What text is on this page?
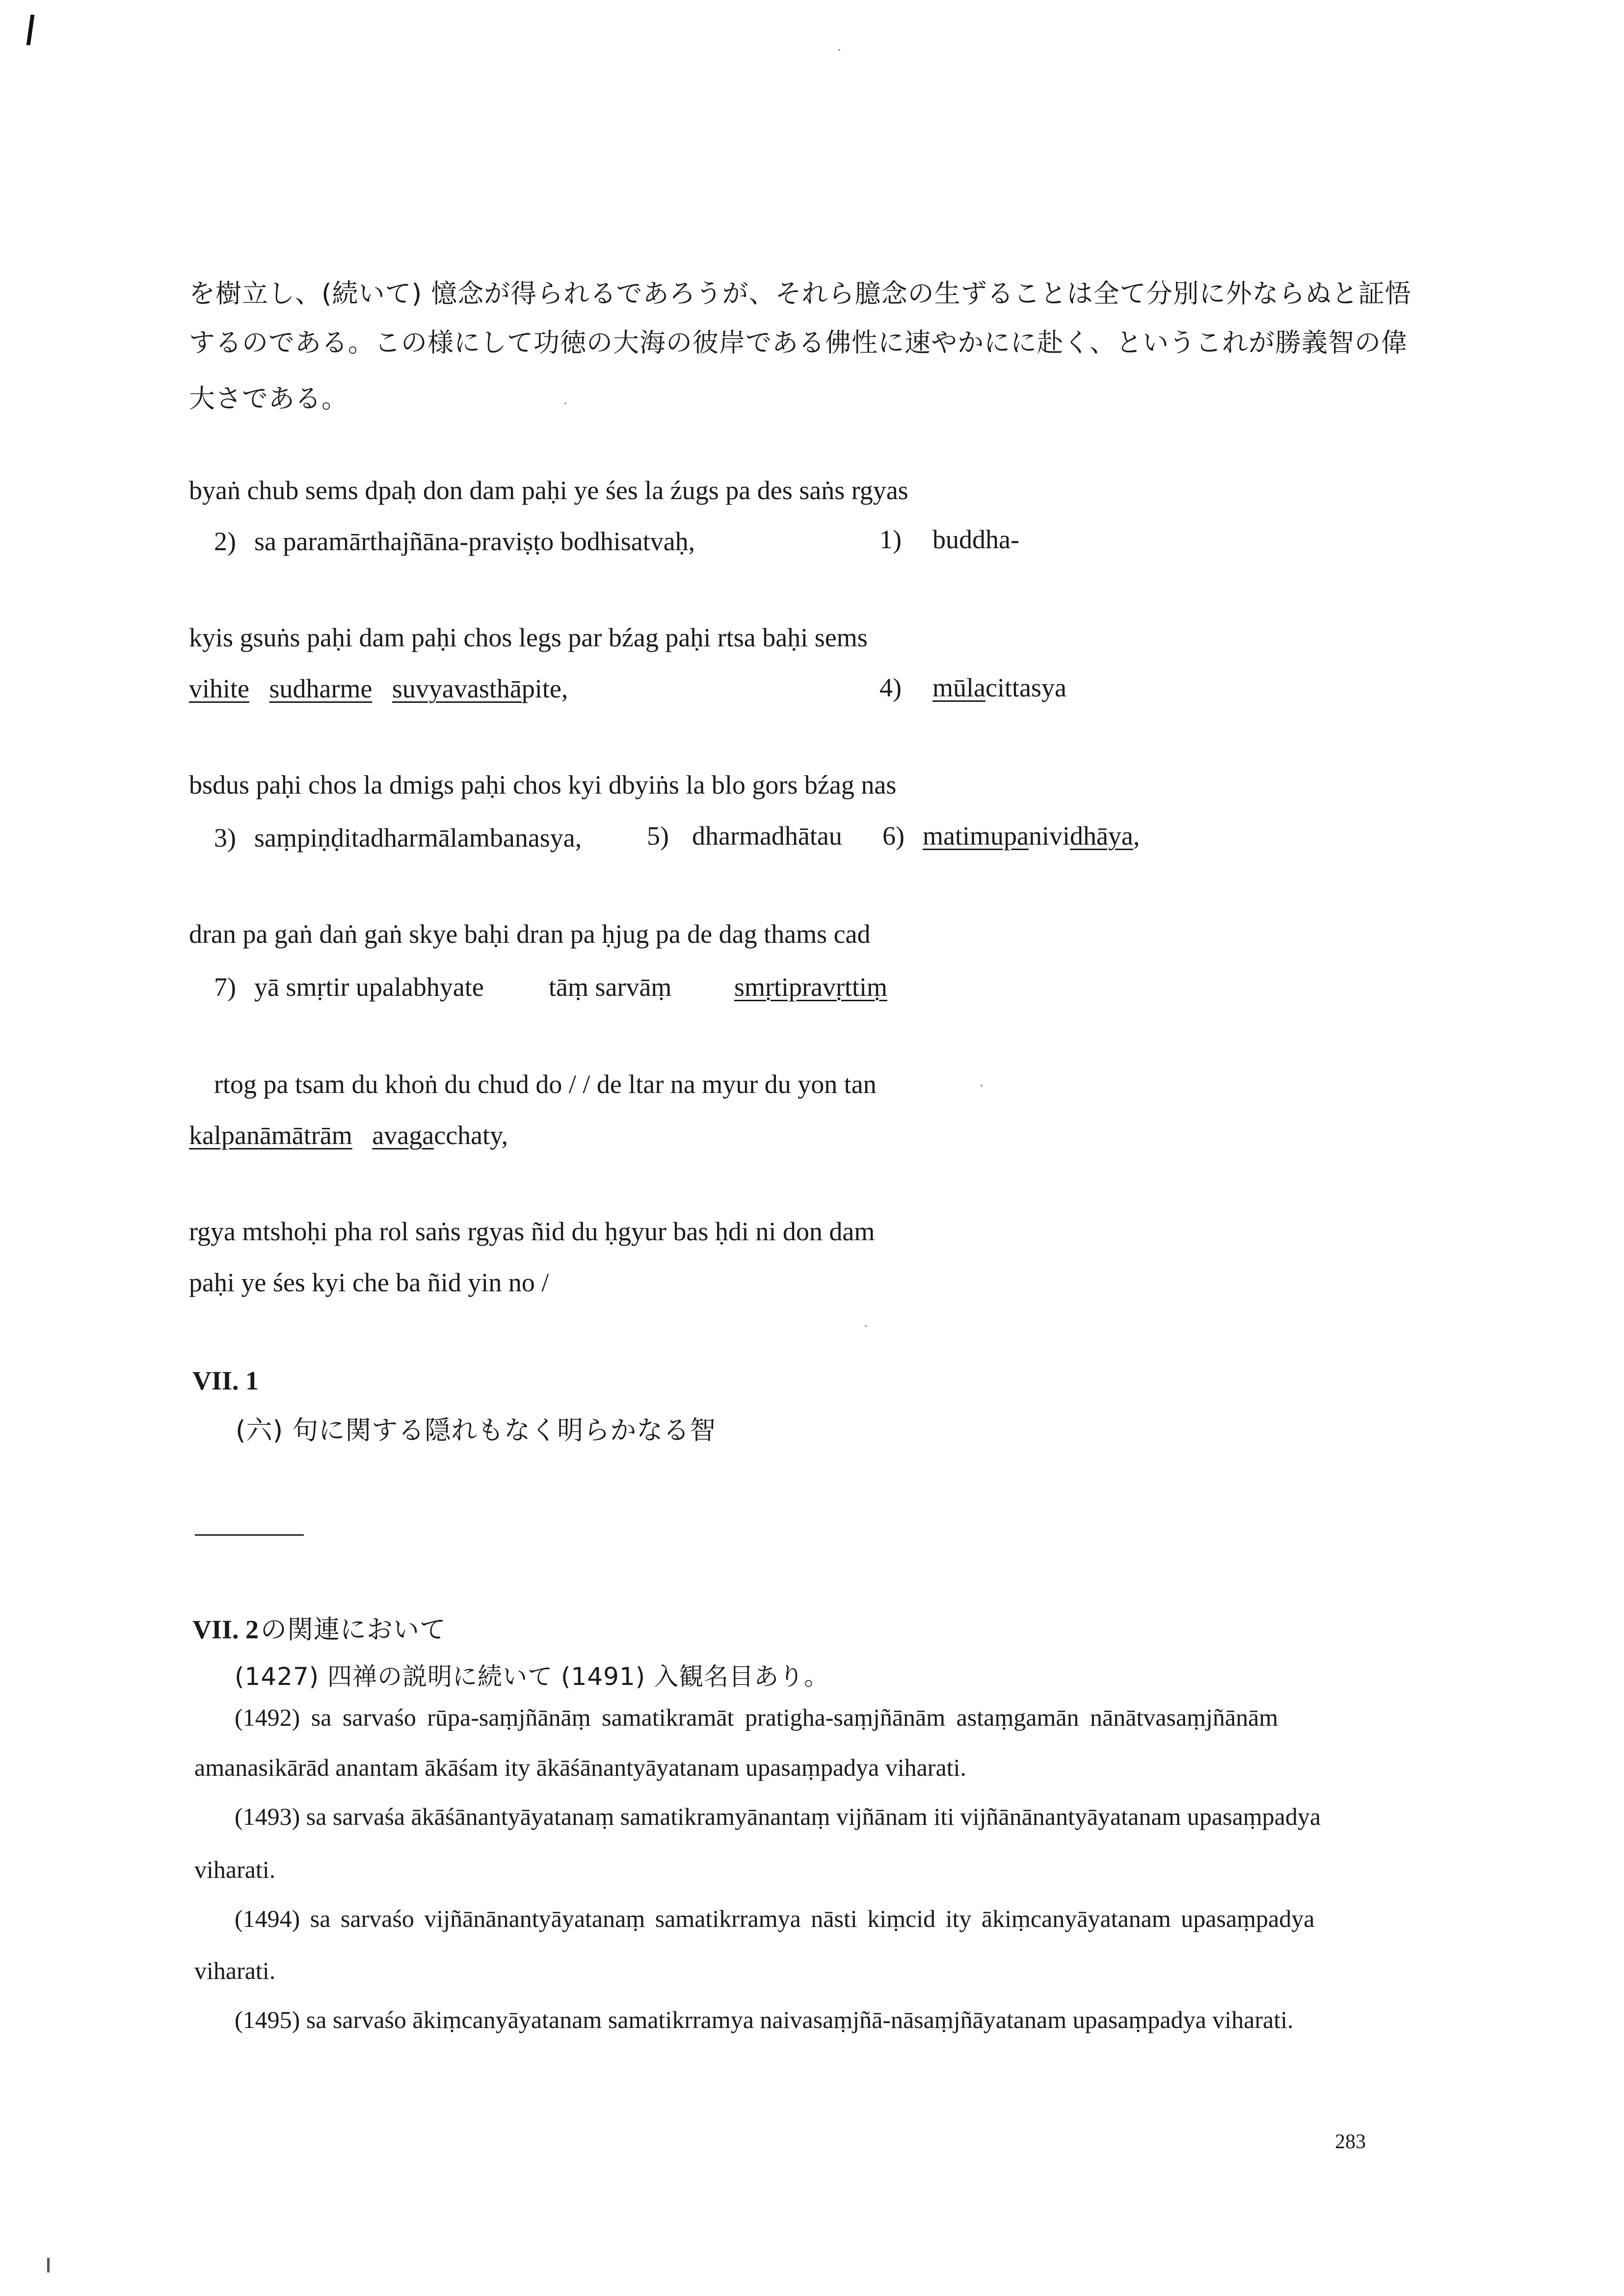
を樹立し、(続いて) 憶念が得られるであろうが、それら臆念の生ずることは全て分別に外ならぬと証悟
するのである。この様にして功徳の大海の彼岸である佛性に速やかにに赴く、というこれが勝義智の偉
大さである。
byaṅ chub sems dpaḥ don dam paḥi ye śes la źugs pa des saṅs rgyas
2) sa paramārthajñāna-praviṣṭo bodhisatvaḥ,	1) buddha-
kyis gsuṅs paḥi dam paḥi chos legs par bźag paḥi rtsa baḥi sems
vihite sudharme suvyavasthāpite,	4) mūlacittasya
bsdus paḥi chos la dmigs paḥi chos kyi dbyiṅs la blo gors bźag nas
3) saṃpiṇḍitadharmālambanasya, 5) dharmadhātau 6) matimupanividhāya,
dran pa gaṅ daṅ gaṅ skye baḥi dran pa ḥjug pa de dag thams cad
7) yā smṛtir upalabhyate tāṃ sarvāṃ smṛtipravṛttiṃ
rtog pa tsam du khoṅ du chud do / / de ltar na myur du yon tan
kalpanāmātrām avagacchaty,
rgya mtshoḥi pha rol saṅs rgyas ñid du ḥgyur bas ḥdi ni don dam
paḥi ye śes kyi che ba ñid yin no /
VII. 1
(六) 句に関する隠れもなく明らかなる智
VII. 2 の関連において
(1427) 四禅の説明に続いて (1491) 入観名目あり。
(1492) sa sarvaśo rūpa-saṃjñānāṃ samatikramāt pratigha-saṃjñānām astaṃgamān nānātvasaṃjñānām
amanasikārād anantam ākāśam ity ākāśānantyāyatanam upasaṃpadya viharati.
(1493) sa sarvaśa ākāśānantyāyatanaṃ samatikramyānantaṃ vijñānam iti vijñānānantyāyatanam upasaṃpadya
viharati.
(1494) sa sarvaśo vijñānānantyāyatanaṃ samatikrramya nāsti kiṃcid ity ākiṃcanyāyatanam upasaṃpadya
viharati.
(1495) sa sarvaśo ākiṃcanyāyatanam samatikrramya naivasaṃjñā-nāsaṃjñāyatanam upasaṃpadya viharati.
283
